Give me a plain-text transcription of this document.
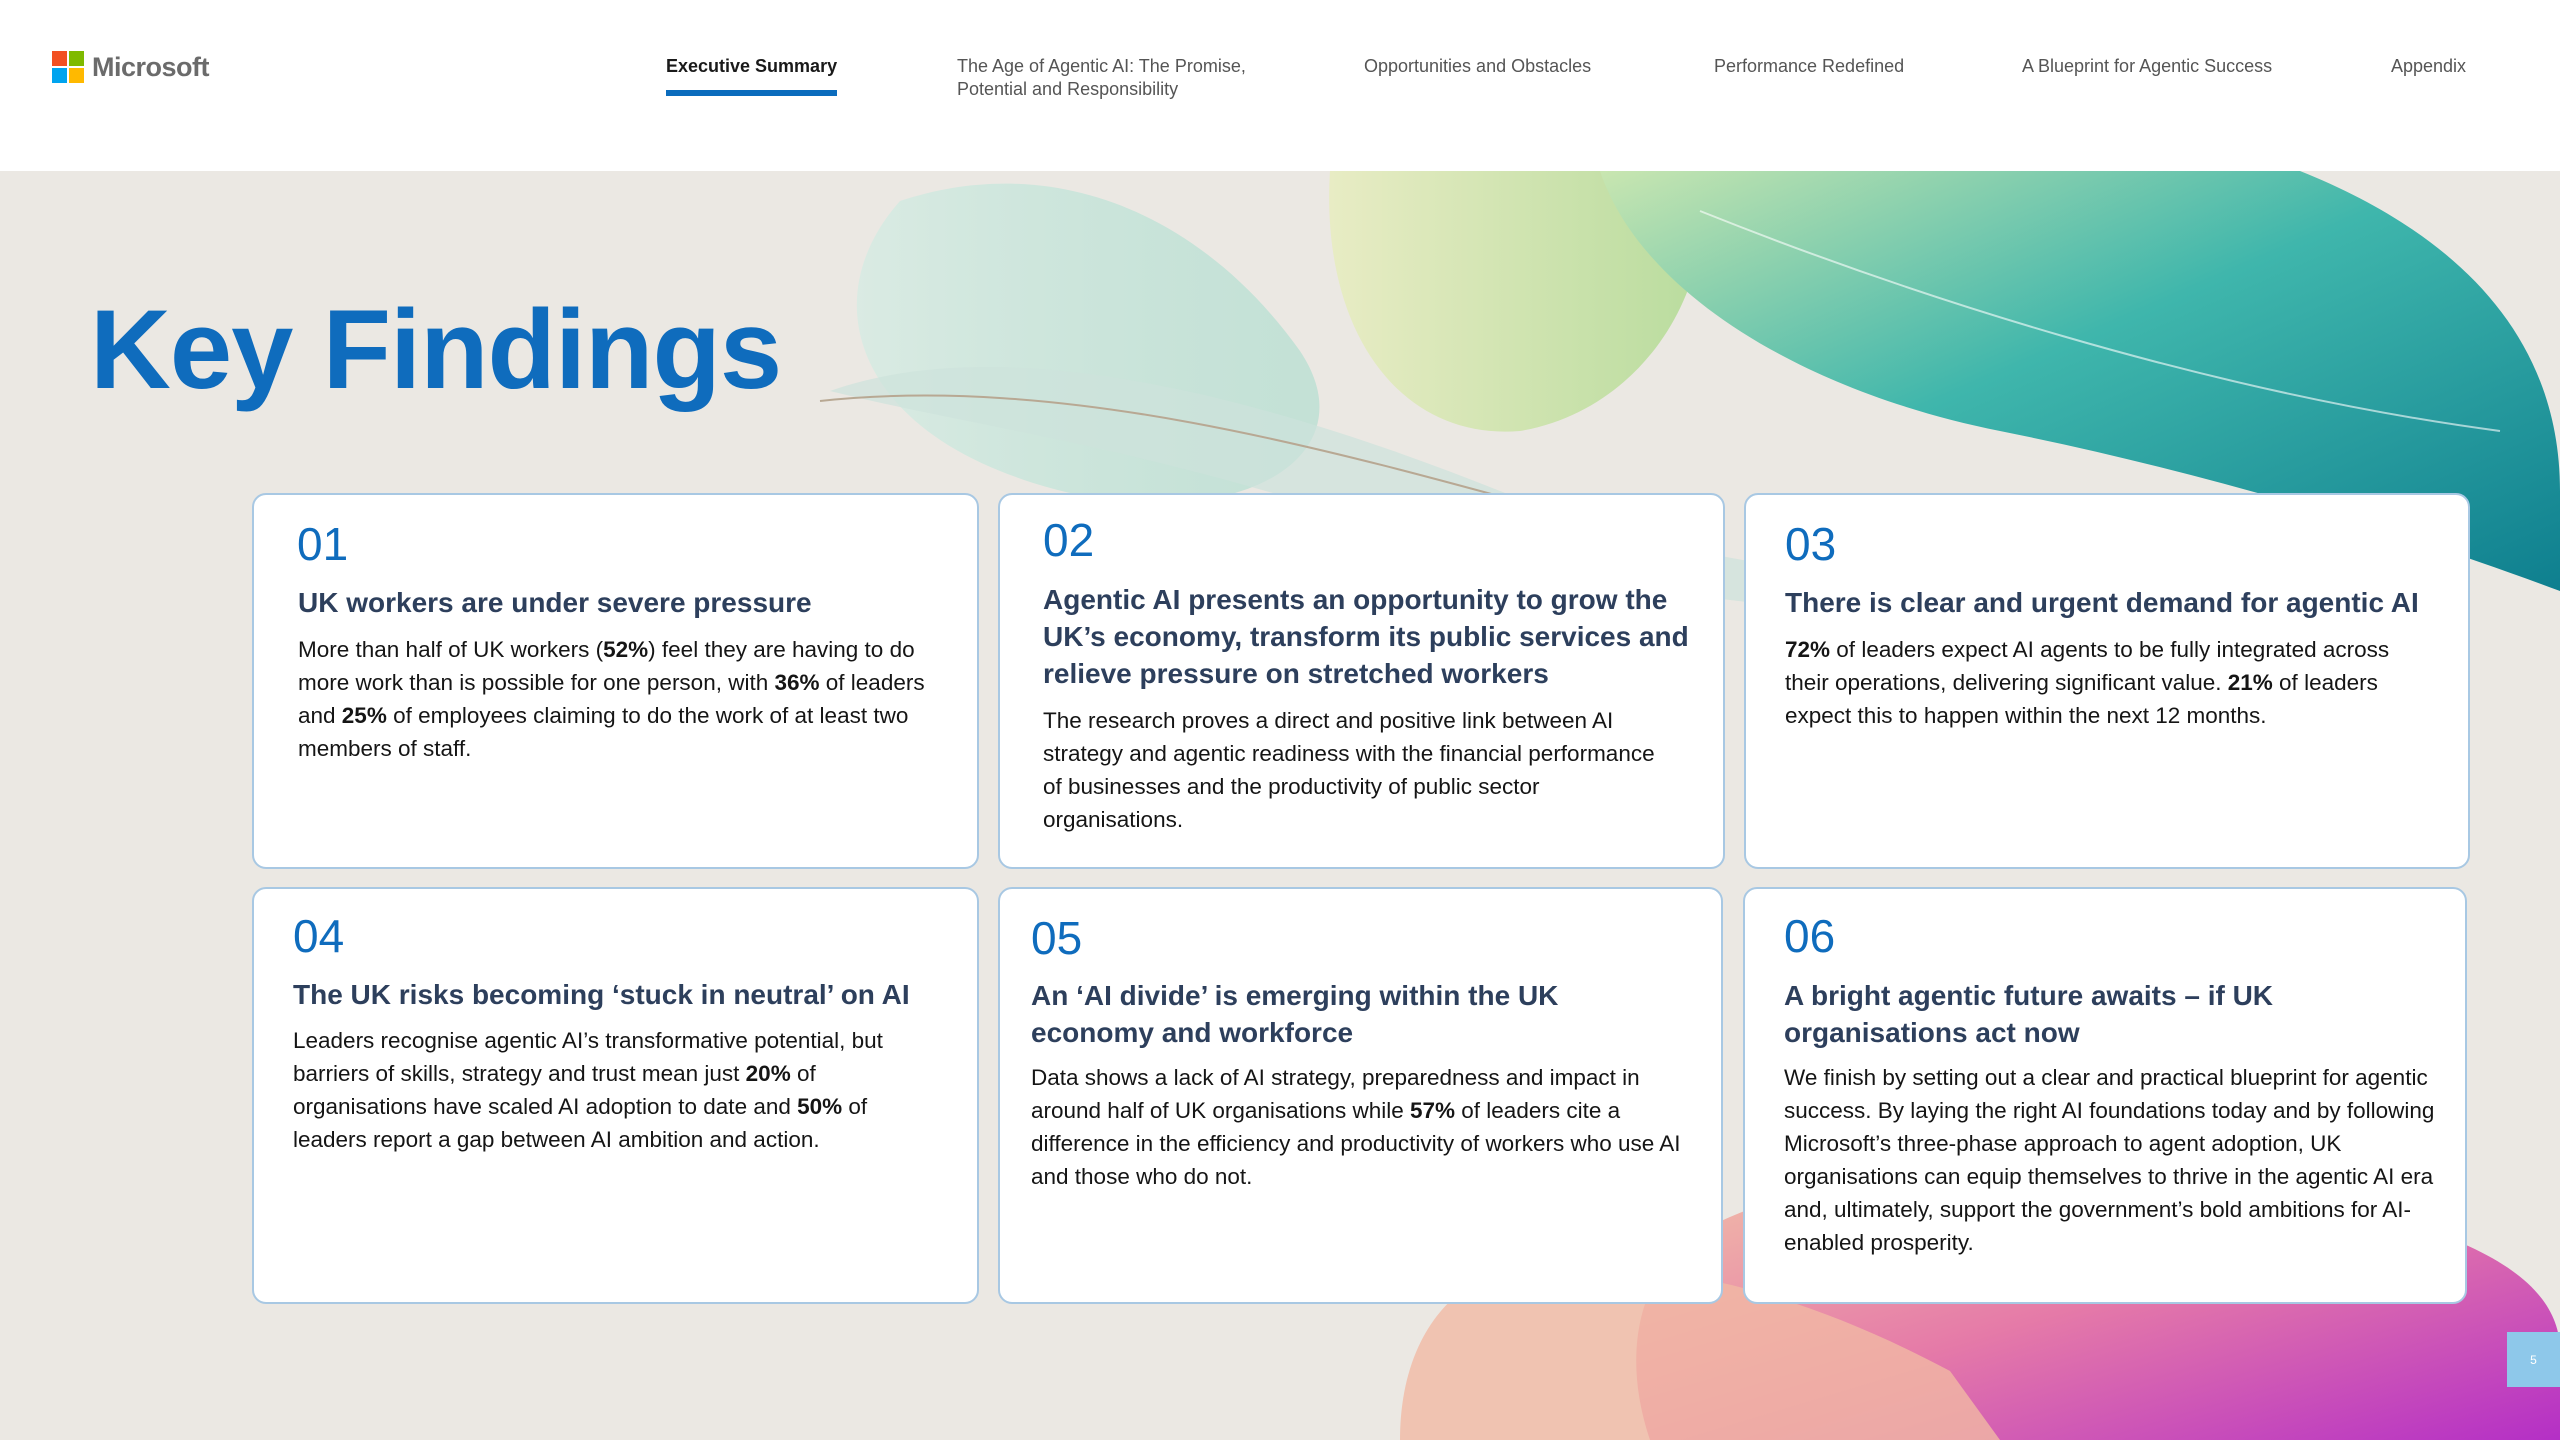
Microsoft	Executive Summary	The Age of Agentic AI: The Promise,
Potential and Responsibility
Opportunities and Obstacles	Performance Redefined	A Blueprint for Agentic Success	Appendix
Key Findings
01
UK workers are under severe pressure
More than half of UK workers (52%) feel they are having to do more work than is possible for one person, with 36% of leaders and 25% of employees claiming to do the work of at least two members of staff.
02
Agentic AI presents an opportunity to grow the UK’s economy, transform its public services and relieve pressure on stretched workers
The research proves a direct and positive link between AI strategy and agentic readiness with the financial performance of businesses and the productivity of public sector organisations.
03
There is clear and urgent demand for agentic AI
72% of leaders expect AI agents to be fully integrated across their operations, delivering significant value. 21% of leaders expect this to happen within the next 12 months.
04
The UK risks becoming ‘stuck in neutral’ on AI
Leaders recognise agentic AI’s transformative potential, but barriers of skills, strategy and trust mean just 20% of organisations have scaled AI adoption to date and 50% of leaders report a gap between AI ambition and action.
05
An ‘AI divide’ is emerging within the UK economy and workforce
Data shows a lack of AI strategy, preparedness and impact in around half of UK organisations while 57% of leaders cite a difference in the efficiency and productivity of workers who use AI and those who do not.
06
A bright agentic future awaits – if UK organisations act now
We finish by setting out a clear and practical blueprint for agentic success. By laying the right AI foundations today and by following Microsoft’s three-phase approach to agent adoption, UK organisations can equip themselves to thrive in the agentic AI era and, ultimately, support the government’s bold ambitions for AI-enabled prosperity.
5
